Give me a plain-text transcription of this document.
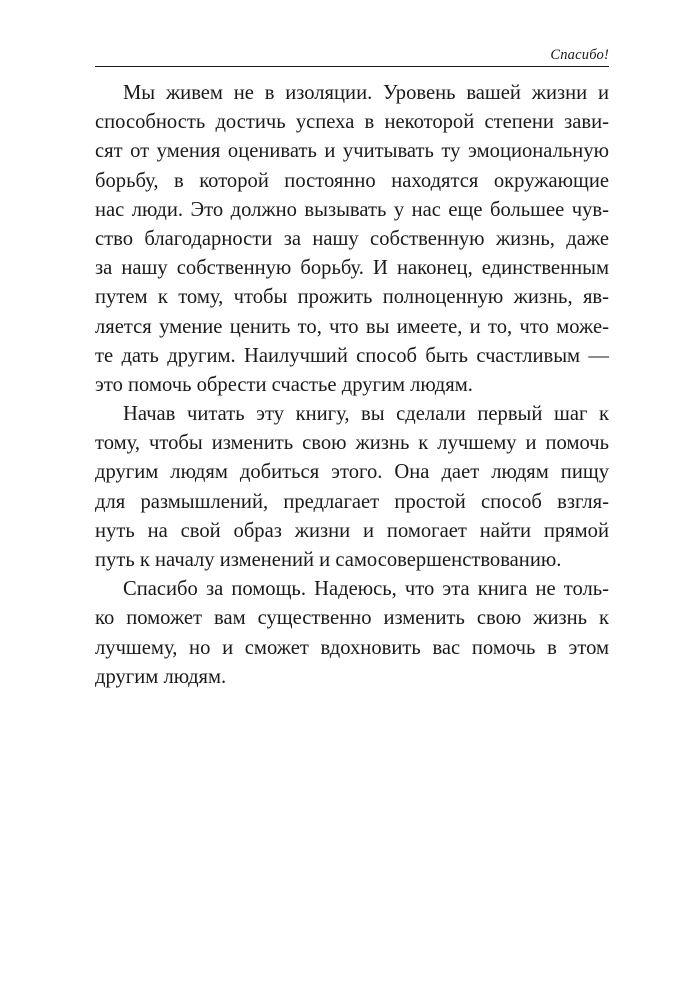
Спасибо!
Мы живем не в изоляции. Уровень вашей жизни и
способность достичь успеха в некоторой степени зави-
сят от умения оценивать и учитывать ту эмоциональную
борьбу, в которой постоянно находятся окружающие
нас люди. Это должно вызывать у нас еще большее чув-
ство благодарности за нашу собственную жизнь, даже
за нашу собственную борьбу. И наконец, единственным
путем к тому, чтобы прожить полноценную жизнь, яв-
ляется умение ценить то, что вы имеете, и то, что може-
те дать другим. Наилучший способ быть счастливым —
это помочь обрести счастье другим людям.
Начав читать эту книгу, вы сделали первый шаг к
тому, чтобы изменить свою жизнь к лучшему и помочь
другим людям добиться этого. Она дает людям пищу
для размышлений, предлагает простой способ взгля-
нуть на свой образ жизни и помогает найти прямой
путь к началу изменений и самосовершенствованию.
Спасибо за помощь. Надеюсь, что эта книга не толь-
ко поможет вам существенно изменить свою жизнь к
лучшему, но и сможет вдохновить вас помочь в этом
другим людям.
